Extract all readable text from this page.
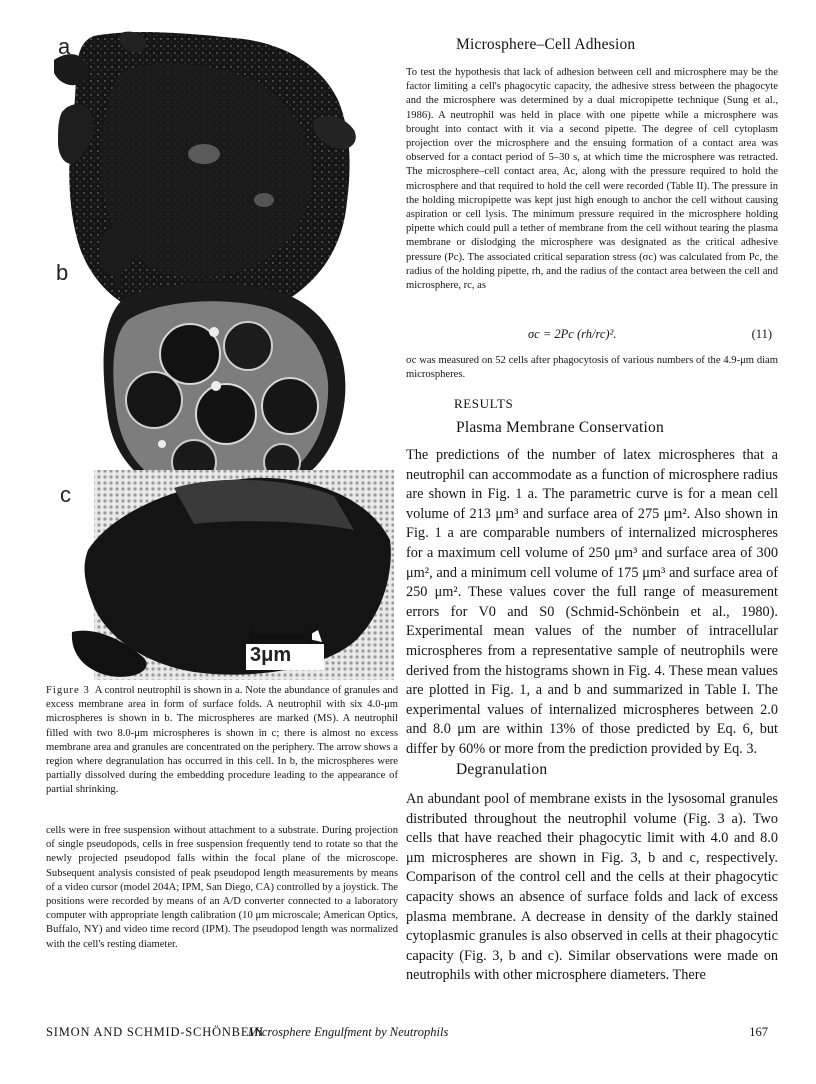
a
b
c
3μm
Figure 3 A control neutrophil is shown in a. Note the abundance of granules and excess membrane area in form of surface folds. A neutrophil with six 4.0-μm microspheres is shown in b. The microspheres are marked (MS). A neutrophil filled with two 8.0-μm microspheres is shown in c; there is almost no excess membrane area and granules are concentrated on the periphery. The arrow shows a region where degranulation has occurred in this cell. In b, the microspheres were partially dissolved during the embedding procedure leading to the appearance of partial shrinking.
cells were in free suspension without attachment to a substrate. During projection of single pseudopods, cells in free suspension frequently tend to rotate so that the newly projected pseudopod falls within the focal plane of the microscope. Subsequent analysis consisted of peak pseudopod length measurements by means of a video cursor (model 204A; IPM, San Diego, CA) controlled by a joystick. The positions were recorded by means of an A/D converter connected to a laboratory computer with appropriate length calibration (10 μm microscale; American Optics, Buffalo, NY) and video time record (IPM). The pseudopod length was normalized with the cell's resting diameter.
Microsphere–Cell Adhesion
To test the hypothesis that lack of adhesion between cell and microsphere may be the factor limiting a cell's phagocytic capacity, the adhesive stress between the phagocyte and the microsphere was determined by a dual micropipette technique (Sung et al., 1986). A neutrophil was held in place with one pipette while a microsphere was brought into contact with it via a second pipette. The degree of cell cytoplasm projection over the microsphere and the ensuing formation of a contact area was observed for a contact period of 5–30 s, at which time the microsphere was retracted. The microsphere–cell contact area, Ac, along with the pressure required to hold the microsphere and that required to hold the cell were recorded (Table II). The pressure in the holding micropipette was kept just high enough to anchor the cell without causing aspiration or cell lysis. The minimum pressure required in the microsphere holding pipette which could pull a tether of membrane from the cell without tearing the plasma membrane or dislodging the microsphere was designated as the critical adhesive pressure (Pc). The associated critical separation stress (σc) was calculated from Pc, the radius of the holding pipette, rh, and the radius of the contact area between the cell and microsphere, rc, as
σc = 2Pc (rh/rc)².	(11)
σc was measured on 52 cells after phagocytosis of various numbers of the 4.9-μm diam microspheres.
RESULTS
Plasma Membrane Conservation
The predictions of the number of latex microspheres that a neutrophil can accommodate as a function of microsphere radius are shown in Fig. 1 a. The parametric curve is for a mean cell volume of 213 μm³ and surface area of 275 μm². Also shown in Fig. 1 a are comparable numbers of internalized microspheres for a maximum cell volume of 250 μm³ and surface area of 300 μm², and a minimum cell volume of 175 μm³ and surface area of 250 μm². These values cover the full range of measurement errors for V0 and S0 (Schmid-Schönbein et al., 1980). Experimental mean values of the number of intracellular microspheres from a representative sample of neutrophils were derived from the histograms shown in Fig. 4. These mean values are plotted in Fig. 1, a and b and summarized in Table I. The experimental values of internalized microspheres between 2.0 and 8.0 μm are within 13% of those predicted by Eq. 6, but differ by 60% or more from the prediction provided by Eq. 3.
Degranulation
An abundant pool of membrane exists in the lysosomal granules distributed throughout the neutrophil volume (Fig. 3 a). Two cells that have reached their phagocytic limit with 4.0 and 8.0 μm microspheres are shown in Fig. 3, b and c, respectively. Comparison of the control cell and the cells at their phagocytic capacity shows an absence of surface folds and lack of excess plasma membrane. A decrease in density of the darkly stained cytoplasmic granules is also observed in cells at their phagocytic capacity (Fig. 3, b and c). Similar observations were made on neutrophils with other microsphere diameters. There
SIMON AND SCHMID-SCHÖNBEIN
Microsphere Engulfment by Neutrophils	167
